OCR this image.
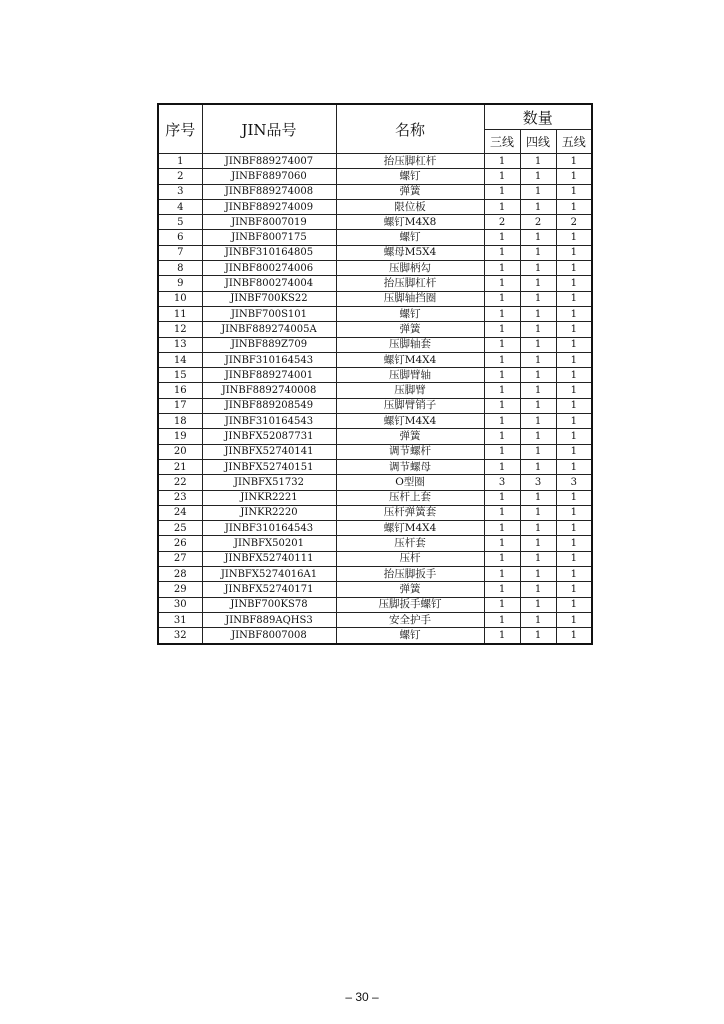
序号	JIN品号	名称	数量		
			三线	四线	五线
1	JINBF889274007	抬压脚杠杆	1	1	1
2	JINBF8897060	螺钉	1	1	1
3	JINBF889274008	弹簧	1	1	1
4	JINBF889274009	限位板	1	1	1
5	JINBF8007019	螺钉M4X8	2	2	2
6	JINBF8007175	螺钉	1	1	1
7	JINBF310164805	螺母M5X4	1	1	1
8	JINBF800274006	压脚柄勾	1	1	1
9	JINBF800274004	抬压脚杠杆	1	1	1
10	JINBF700KS22	压脚轴挡圈	1	1	1
11	JINBF700S101	螺钉	1	1	1
12	JINBF889274005A	弹簧	1	1	1
13	JINBF889Z709	压脚轴套	1	1	1
14	JINBF310164543	螺钉M4X4	1	1	1
15	JINBF889274001	压脚臂轴	1	1	1
16	JINBF8892740008	压脚臂	1	1	1
17	JINBF889208549	压脚臂销子	1	1	1
18	JINBF310164543	螺钉M4X4	1	1	1
19	JINBFX52087731	弹簧	1	1	1
20	JINBFX52740141	调节螺杆	1	1	1
21	JINBFX52740151	调节螺母	1	1	1
22	JINBFX51732	O型圈	3	3	3
23	JINKR2221	压杆上套	1	1	1
24	JINKR2220	压杆弹簧套	1	1	1
25	JINBF310164543	螺钉M4X4	1	1	1
26	JINBFX50201	压杆套	1	1	1
27	JINBFX52740111	压杆	1	1	1
28	JINBFX5274016A1	抬压脚扳手	1	1	1
29	JINBFX52740171	弹簧	1	1	1
30	JINBF700KS78	压脚扳手螺钉	1	1	1
31	JINBF889AQHS3	安全护手	1	1	1
32	JINBF8007008	螺钉	1	1	1
– 30 –
